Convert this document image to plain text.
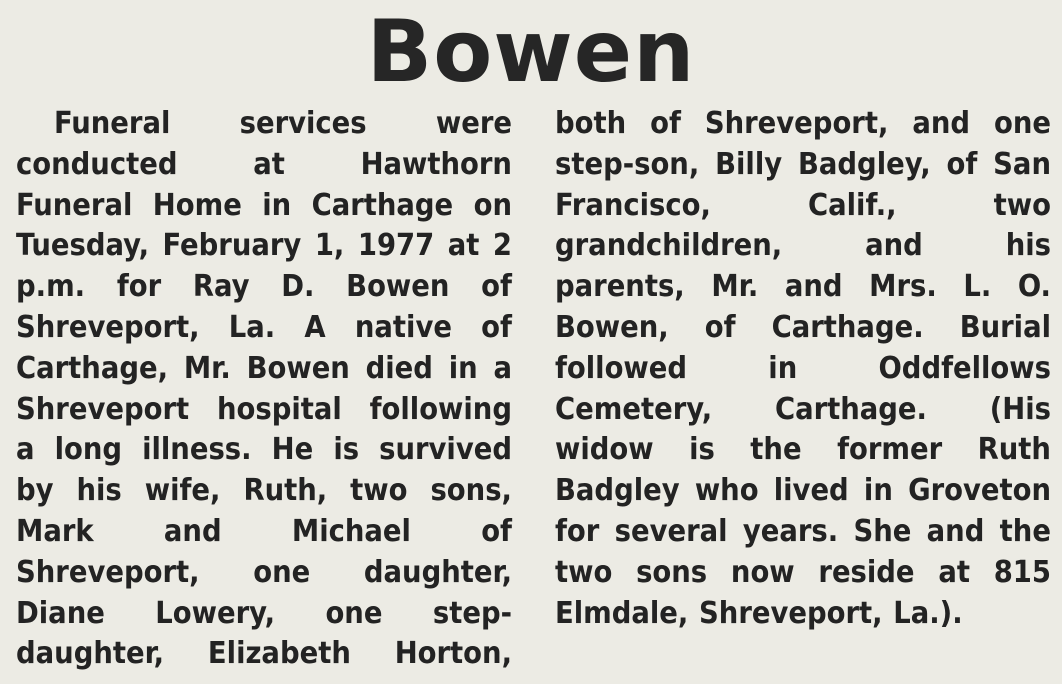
Bowen
Funeral services were
conducted at Hawthorn
Funeral Home in Carthage on
Tuesday, February 1, 1977 at 2
p.m. for Ray D. Bowen of
Shreveport, La. A native of
Carthage, Mr. Bowen died in a
Shreveport hospital following
a long illness. He is survived
by his wife, Ruth, two sons,
Mark and Michael of
Shreveport, one daughter,
Diane Lowery, one step-
daughter, Elizabeth Horton,
both of Shreveport, and one
step-son, Billy Badgley, of San
Francisco,	Calif.,	two
grandchildren,	and	his
parents, Mr. and Mrs. L. O.
Bowen, of Carthage. Burial
followed	in	Oddfellows
Cemetery, Carthage. (His
widow is the former Ruth
Badgley who lived in Groveton
for several years. She and the
two sons now reside at 815
Elmdale, Shreveport, La.).
